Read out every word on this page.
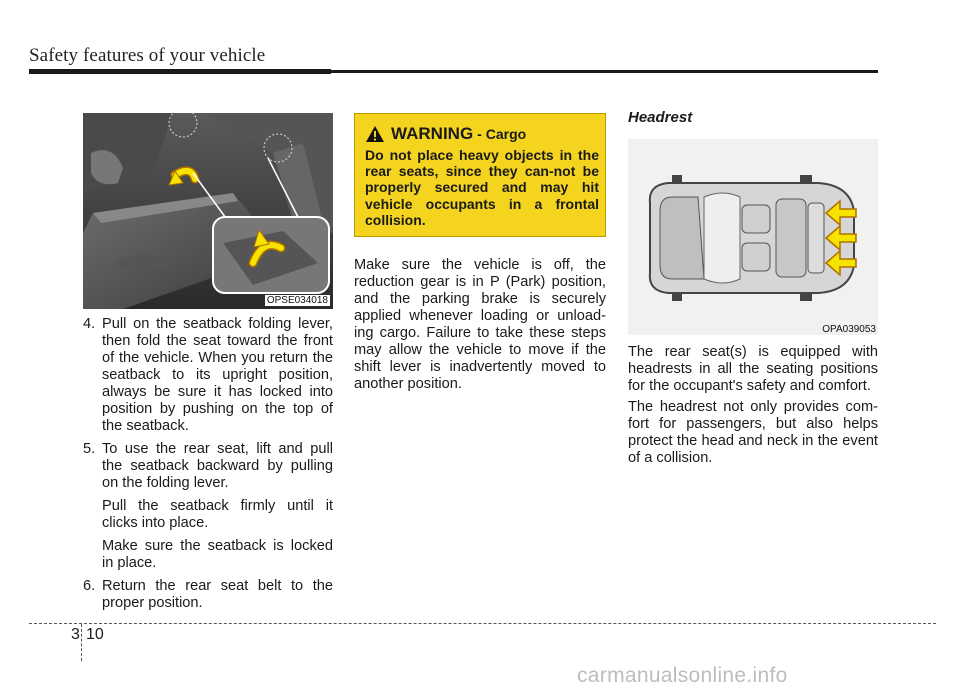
Safety features of your vehicle
OPSE034018
4. Pull on the seatback folding lever, then fold the seat toward the front of the vehicle. When you return the seatback to its upright position, always be sure it has locked into position by pushing on the top of the seatback.
5. To use the rear seat, lift and pull the seatback backward by pulling on the folding lever.
Pull the seatback firmly until it clicks into place.
Make sure the seatback is locked in place.
6. Return the rear seat belt to the proper position.
WARNING - Cargo
Do not place heavy objects in the rear seats, since they can-not be properly secured and may hit vehicle occupants in a frontal collision.

Make sure the vehicle is off, the reduction gear is in P (Park) position, and the parking brake is securely applied whenever loading or unload-ing cargo. Failure to take these steps may allow the vehicle to move if the shift lever is inadvertently moved to another position.

Headrest
OPA039053

The rear seat(s) is equipped with headrests in all the seating positions for the occupant's safety and comfort.

The headrest not only provides com-fort for passengers, but also helps protect the head and neck in the event of a collision.

3 10
carmanualsonline.info
